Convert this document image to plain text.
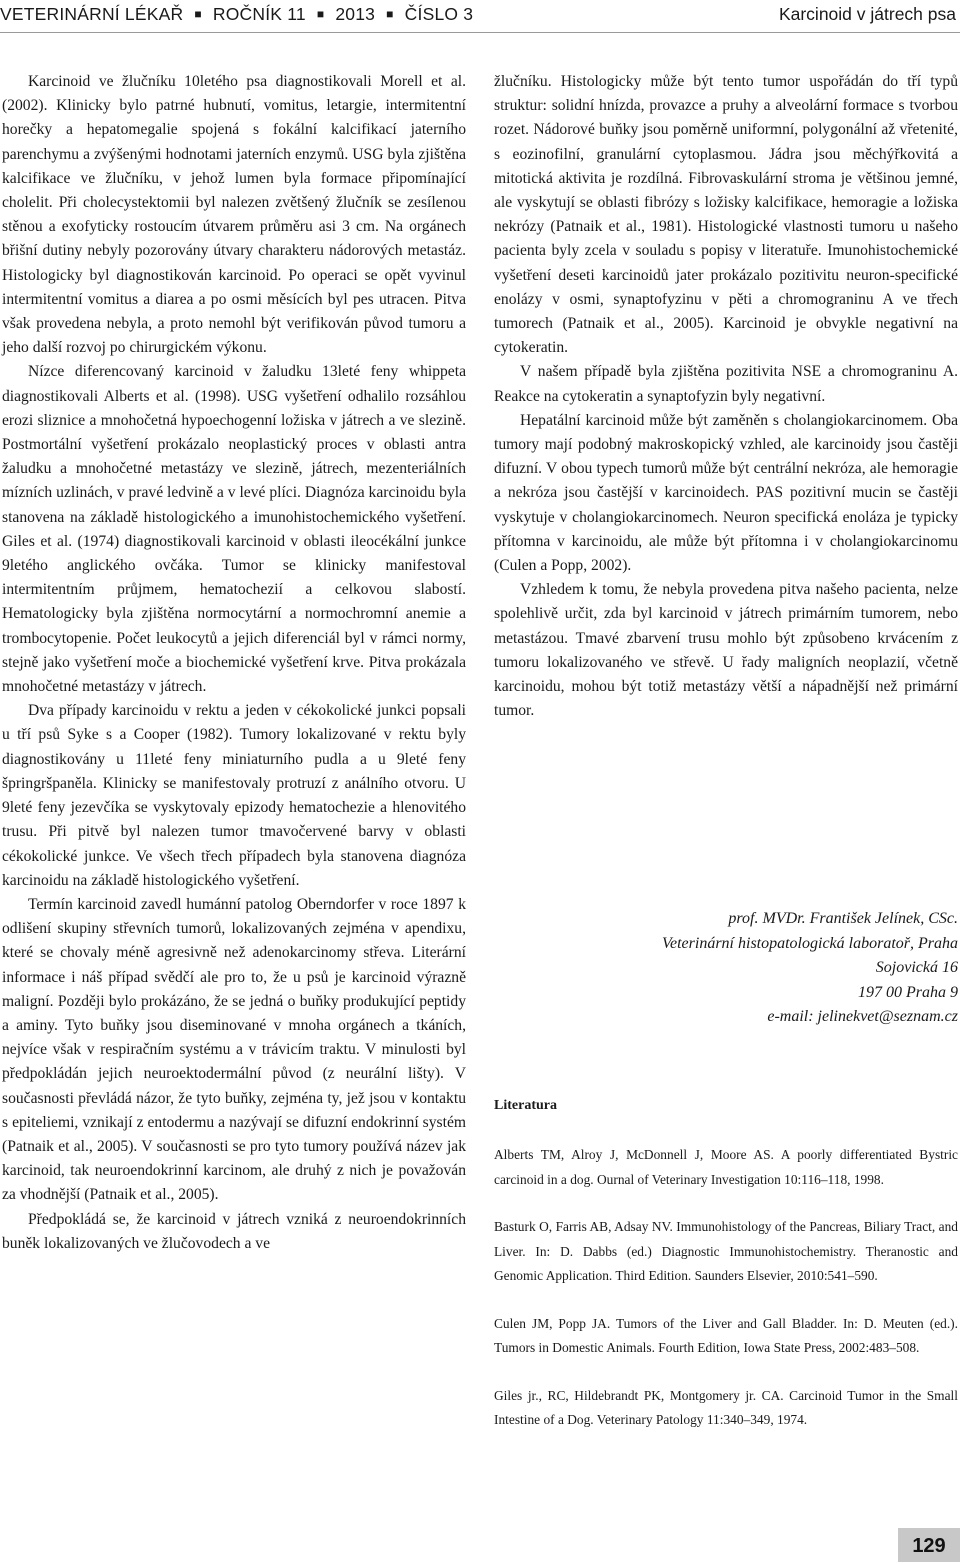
VETERINÁRNÍ LÉKAŘ ■ ROČNÍK 11 ■ 2013 ■ ČÍSLO 3	Karcinoid v játrech psa

Karcinoid ve žlučníku 10letého psa diagnostikovali Morell et al. (2002). Klinicky bylo patrné hubnutí, vomitus, letargie, intermitentní horečky a hepatomegalie spojená s fokální kalcifikací jaterního parenchymu a zvýšenými hodnotami jaterních enzymů. USG byla zjištěna kalcifikace ve žlučníku, v jehož lumen byla formace připomínající cholelit. Při cholecystektomii byl nalezen zvětšený žlučník se zesílenou stěnou a exofyticky rostoucím útvarem průměru asi 3 cm. Na orgánech břišní dutiny nebyly pozorovány útvary charakteru nádorových metastáz. Histologicky byl diagnostikován karcinoid. Po operaci se opět vyvinul intermitentní vomitus a diarea a po osmi měsících byl pes utracen. Pitva však provedena nebyla, a proto nemohl být verifikován původ tumoru a jeho další rozvoj po chirurgickém výkonu.

Nízce diferencovaný karcinoid v žaludku 13leté feny whippeta diagnostikovali Alberts et al. (1998). USG vyšetření odhalilo rozsáhlou erozi sliznice a mnohočetná hypoechogenní ložiska v játrech a ve slezině. Postmortální vyšetření prokázalo neoplastický proces v oblasti antra žaludku a mnohočetné metastázy ve slezině, játrech, mezenteriálních mízních uzlinách, v pravé ledvině a v levé plíci. Diagnóza karcinoidu byla stanovena na základě histologického a imunohistochemického vyšetření. Giles et al. (1974) diagnostikovali karcinoid v oblasti ileocékální junkce 9letého anglického ovčáka. Tumor se klinicky manifestoval intermitentním průjmem, hematochezií a celkovou slabostí. Hematologicky byla zjištěna normocytární a normochromní anemie a trombocytopenie. Počet leukocytů a jejich diferenciál byl v rámci normy, stejně jako vyšetření moče a biochemické vyšetření krve. Pitva prokázala mnohočetné metastázy v játrech.

Dva případy karcinoidu v rektu a jeden v cékokolické junkci popsali u tří psů Syke s a Cooper (1982). Tumory lokalizované v rektu byly diagnostikovány u 11leté feny miniaturního pudla a u 9leté feny špringršpaněla. Klinicky se manifestovaly protruzí z análního otvoru. U 9leté feny jezevčíka se vyskytovaly epizody hematochezie a hlenovitého trusu. Při pitvě byl nalezen tumor tmavočervené barvy v oblasti cékokolické junkce. Ve všech třech případech byla stanovena diagnóza karcinoidu na základě histologického vyšetření.

Termín karcinoid zavedl humánní patolog Oberndorfer v roce 1897 k odlišení skupiny střevních tumorů, lokalizovaných zejména v apendixu, které se chovaly méně agresivně než adenokarcinomy střeva. Literární informace i náš případ svědčí ale pro to, že u psů je karcinoid výrazně maligní. Později bylo prokázáno, že se jedná o buňky produkující peptidy a aminy. Tyto buňky jsou diseminované v mnoha orgánech a tkáních, nejvíce však v respiračním systému a v trávicím traktu. V minulosti byl předpokládán jejich neuroektodermální původ (z neurální lišty). V současnosti převládá názor, že tyto buňky, zejména ty, jež jsou v kontaktu s epiteliemi, vznikají z entodermu a nazývají se difuzní endokrinní systém (Patnaik et al., 2005). V současnosti se pro tyto tumory používá název jak karcinoid, tak neuroendokrinní karcinom, ale druhý z nich je považován za vhodnější (Patnaik et al., 2005).

Předpokládá se, že karcinoid v játrech vzniká z neuroendokrinních buněk lokalizovaných ve žlučovodech a ve

žlučníku. Histologicky může být tento tumor uspořádán do tří typů struktur: solidní hnízda, provazce a pruhy a alveolární formace s tvorbou rozet. Nádorové buňky jsou poměrně uniformní, polygonální až vřetenité, s eozinofilní, granulární cytoplasmou. Jádra jsou měchýřkovitá a mitotická aktivita je rozdílná. Fibrovaskulární stroma je většinou jemné, ale vyskytují se oblasti fibrózy s ložisky kalcifikace, hemoragie a ložiska nekrózy (Patnaik et al., 1981). Histologické vlastnosti tumoru u našeho pacienta byly zcela v souladu s popisy v literatuře. Imunohistochemické vyšetření deseti karcinoidů jater prokázalo pozitivitu neuron-specifické enolázy v osmi, synaptofyzinu v pěti a chromograninu A ve třech tumorech (Patnaik et al., 2005). Karcinoid je obvykle negativní na cytokeratin.

V našem případě byla zjištěna pozitivita NSE a chromograninu A. Reakce na cytokeratin a synaptofyzin byly negativní.

Hepatální karcinoid může být zaměněn s cholangiokarcinomem. Oba tumory mají podobný makroskopický vzhled, ale karcinoidy jsou častěji difuzní. V obou typech tumorů může být centrální nekróza, ale hemoragie a nekróza jsou častější v karcinoidech. PAS pozitivní mucin se častěji vyskytuje v cholangiokarcinomech. Neuron specifická enoláza je typicky přítomna v karcinoidu, ale může být přítomna i v cholangiokarcinomu (Culen a Popp, 2002).

Vzhledem k tomu, že nebyla provedena pitva našeho pacienta, nelze spolehlivě určit, zda byl karcinoid v játrech primárním tumorem, nebo metastázou. Tmavé zbarvení trusu mohlo být způsobeno krvácením z tumoru lokalizovaného ve střevě. U řady maligních neoplazií, včetně karcinoidu, mohou být totiž metastázy větší a nápadnější než primární tumor.

prof. MVDr. František Jelínek, CSc.
Veterinární histopatologická laboratoř, Praha
Sojovická 16
197 00 Praha 9
e-mail: jelinekvet@seznam.cz
Literatura

Alberts TM, Alroy J, McDonnell J, Moore AS. A poorly differentiated Bystric carcinoid in a dog. Ournal of Veterinary Investigation 10:116–118, 1998.

Basturk O, Farris AB, Adsay NV. Immunohistology of the Pancreas, Biliary Tract, and Liver. In: D. Dabbs (ed.) Diagnostic Immunohistochemistry. Theranostic and Genomic Application. Third Edition. Saunders Elsevier, 2010:541–590.

Culen JM, Popp JA. Tumors of the Liver and Gall Bladder. In: D. Meuten (ed.). Tumors in Domestic Animals. Fourth Edition, Iowa State Press, 2002:483–508.

Giles jr., RC, Hildebrandt PK, Montgomery jr. CA. Carcinoid Tumor in the Small Intestine of a Dog. Veterinary Patology 11:340–349, 1974.

129
